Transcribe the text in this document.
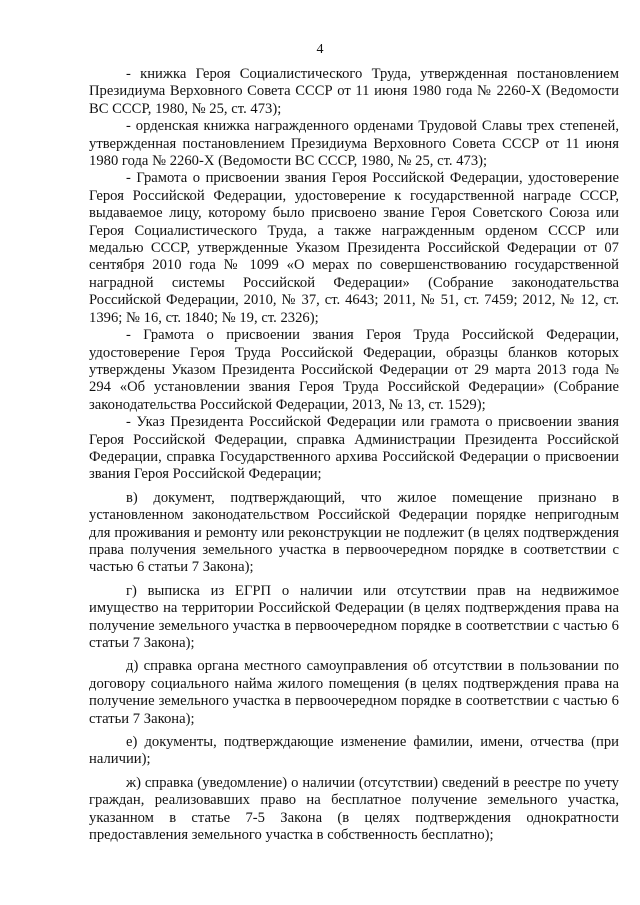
4

- книжка Героя Социалистического Труда, утвержденная постановлением Президиума Верховного Совета СССР от 11 июня 1980 года № 2260-Х (Ведомости ВС СССР, 1980, № 25, ст. 473);

- орденская книжка награжденного орденами Трудовой Славы трех степеней, утвержденная постановлением Президиума Верховного Совета СССР от 11 июня 1980 года № 2260-Х (Ведомости ВС СССР, 1980, № 25, ст. 473);

- Грамота о присвоении звания Героя Российской Федерации, удостоверение Героя Российской Федерации, удостоверение к государственной награде СССР, выдаваемое лицу, которому было присвоено звание Героя Советского Союза или Героя Социалистического Труда, а также награжденным орденом СССР или медалью СССР, утвержденные Указом Президента Российской Федерации от 07 сентября 2010 года № 1099 «О мерах по совершенствованию государственной наградной системы Российской Федерации» (Собрание законодательства Российской Федерации, 2010, № 37, ст. 4643; 2011, № 51, ст. 7459; 2012, № 12, ст. 1396; № 16, ст. 1840; № 19, ст. 2326);

- Грамота о присвоении звания Героя Труда Российской Федерации, удостоверение Героя Труда Российской Федерации, образцы бланков которых утверждены Указом Президента Российской Федерации от 29 марта 2013 года № 294 «Об установлении звания Героя Труда Российской Федерации» (Собрание законодательства Российской Федерации, 2013, № 13, ст. 1529);

- Указ Президента Российской Федерации или грамота о присвоении звания Героя Российской Федерации, справка Администрации Президента Российской Федерации, справка Государственного архива Российской Федерации о присвоении звания Героя Российской Федерации;

в) документ, подтверждающий, что жилое помещение признано в установленном законодательством Российской Федерации порядке непригодным для проживания и ремонту или реконструкции не подлежит (в целях подтверждения права получения земельного участка в первоочередном порядке в соответствии с частью 6 статьи 7 Закона);

г) выписка из ЕГРП о наличии или отсутствии прав на недвижимое имущество на территории Российской Федерации (в целях подтверждения права на получение земельного участка в первоочередном порядке в соответствии с частью 6 статьи 7 Закона);

д) справка органа местного самоуправления об отсутствии в пользовании по договору социального найма жилого помещения (в целях подтверждения права на получение земельного участка в первоочередном порядке в соответствии с частью 6 статьи 7 Закона);

е) документы, подтверждающие изменение фамилии, имени, отчества (при наличии);

ж) справка (уведомление) о наличии (отсутствии) сведений в реестре по учету граждан, реализовавших право на бесплатное получение земельного участка, указанном в статье 7-5 Закона (в целях подтверждения однократности предоставления земельного участка в собственность бесплатно);
